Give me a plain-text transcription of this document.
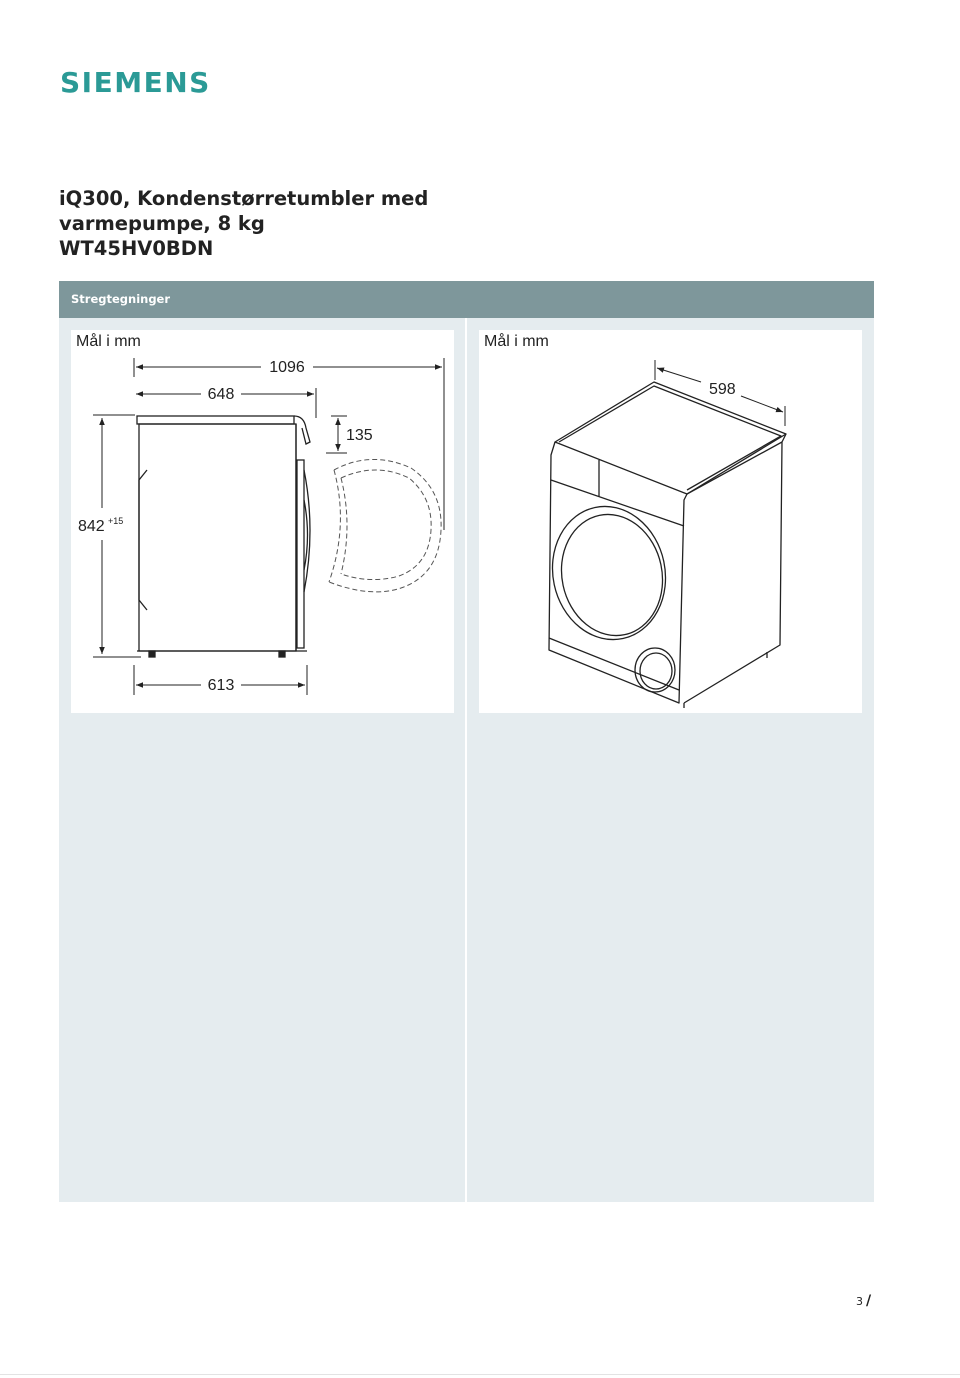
SIEMENS
iQ300, Kondenstørretumbler med
varmepumpe, 8 kg
WT45HV0BDN
Stregtegninger
Mål i mm
1096
648
135
842 +15
613
Mål i mm
598
3 /
